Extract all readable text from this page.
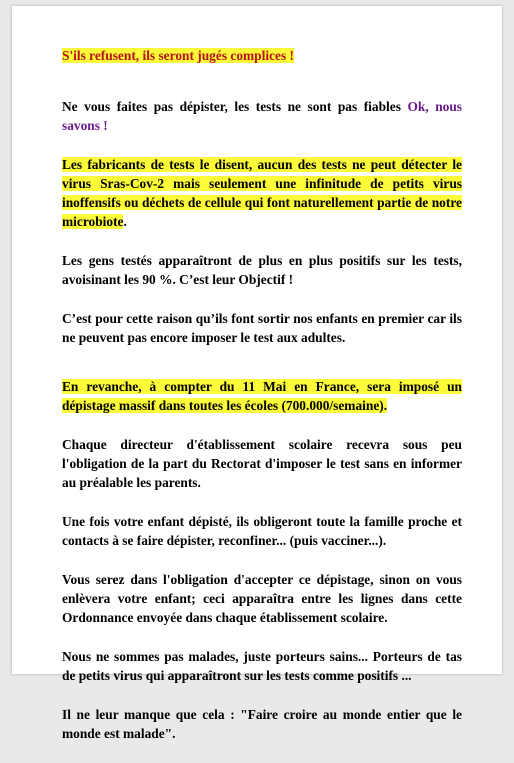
S'ils refusent, ils seront jugés complices !

Ne vous faites pas dépister, les tests ne sont pas fiables Ok, nous savons !

Les fabricants de tests le disent, aucun des tests ne peut détecter le virus Sras-Cov-2 mais seulement une infinitude de petits virus inoffensifs ou déchets de cellule qui font naturellement partie de notre microbiote.

Les gens testés apparaîtront de plus en plus positifs sur les tests, avoisinant les 90 %. C’est leur Objectif !

C’est pour cette raison qu’ils font sortir nos enfants en premier car ils ne peuvent pas encore imposer le test aux adultes.

En revanche, à compter du 11 Mai en France, sera imposé un dépistage massif dans toutes les écoles (700.000/semaine).

Chaque directeur d'établissement scolaire recevra sous peu l'obligation de la part du Rectorat d'imposer le test sans en informer au préalable les parents.

Une fois votre enfant dépisté, ils obligeront toute la famille proche et contacts à se faire dépister, reconfiner... (puis vacciner...).

Vous serez dans l'obligation d'accepter ce dépistage, sinon on vous enlèvera votre enfant; ceci apparaîtra entre les lignes dans cette Ordonnance envoyée dans chaque établissement scolaire.

Nous ne sommes pas malades, juste porteurs sains... Porteurs de tas de petits virus qui apparaîtront sur les tests comme positifs ...

Il ne leur manque que cela : "Faire croire au monde entier que le monde est malade".
